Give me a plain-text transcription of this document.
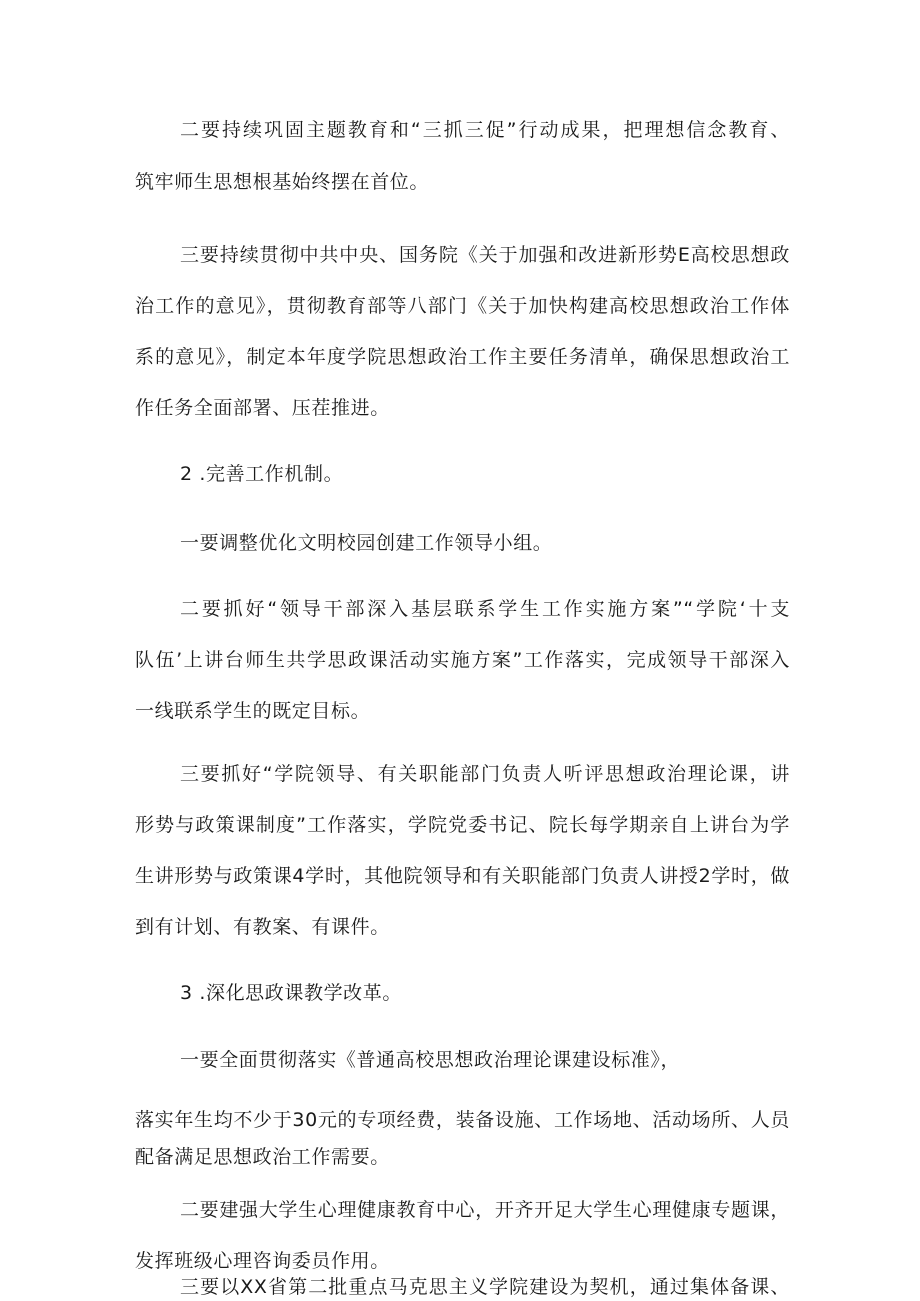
二要持续巩固主题教育和“三抓三促”行动成果，把理想信念教育、
筑牢师生思想根基始终摆在首位。
三要持续贯彻中共中央、国务院《关于加强和改进新形势E高校思想政
治工作的意见》，贯彻教育部等八部门《关于加快构建高校思想政治工作体
系的意见》，制定本年度学院思想政治工作主要任务清单，确保思想政治工
作任务全面部署、压茬推进。
2 .完善工作机制。
一要调整优化文明校园创建工作领导小组。
二要抓好“领导干部深入基层联系学生工作实施方案”“学院‘十支
队伍’上讲台师生共学思政课活动实施方案”工作落实，完成领导干部深入
一线联系学生的既定目标。
三要抓好“学院领导、有关职能部门负责人听评思想政治理论课，讲
形势与政策课制度”工作落实，学院党委书记、院长每学期亲自上讲台为学
生讲形势与政策课4学时，其他院领导和有关职能部门负责人讲授2学时，做
到有计划、有教案、有课件。
3 .深化思政课教学改革。
一要全面贯彻落实《普通高校思想政治理论课建设标准》，
落实年生均不少于30元的专项经费，装备设施、工作场地、活动场所、人员
配备满足思想政治工作需要。
二要建强大学生心理健康教育中心，开齐开足大学生心理健康专题课，
发挥班级心理咨询委员作用。
三要以XX省第二批重点马克思主义学院建设为契机，通过集体备课、
